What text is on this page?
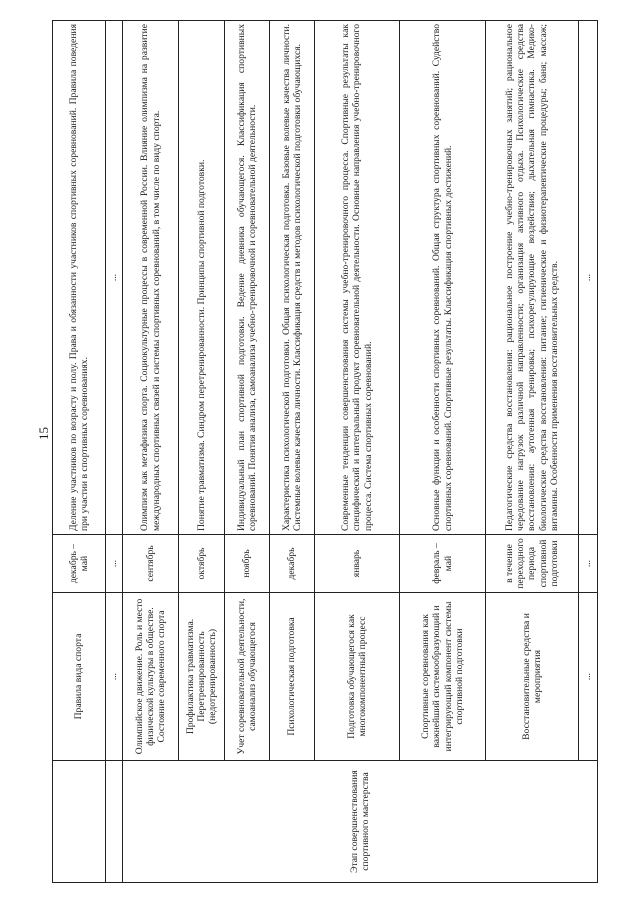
15
	Правила вида спорта	декабрь – май	Деление участников по возрасту и полу. Права и обязанности участников спортивных соревнований. Правила поведения при участии в спортивных соревнованиях.
	...	...	...
Этап совершенствования спортивного мастерства	Олимпийское движение. Роль и место физической культуры в обществе. Состояние современного спорта	сентябрь	Олимпизм как метафизика спорта. Социокультурные процессы в современной России. Влияние олимпизма на развитие международных спортивных связей и системы спортивных соревнований, в том числе по виду спорта.
	Профилактика травматизма. Перетренированность (недотренированность)	октябрь	Понятие травматизма. Синдром перетренированности. Принципы спортивной подготовки.
	Учет соревновательной деятельности, самоанализ обучающегося	ноябрь	Индивидуальный план спортивной подготовки. Ведение дневника обучающегося. Классификация спортивных соревнований. Понятия анализа, самоанализа учебно-тренировочной и соревновательной деятельности.
	Психологическая подготовка	декабрь	Характеристика психологической подготовки. Общая психологическая подготовка. Базовые волевые качества личности. Системные волевые качества личности. Классификация средств и методов психологической подготовки обучающихся.
	Подготовка обучающегося как многокомпонентный процесс	январь	Современные тенденции совершенствования системы учебно-тренировочного процесса. Спортивные результаты как специфический и интегральный продукт соревновательной деятельности. Основные направления учебно-тренировочного процесса. Система спортивных соревнований.
	Спортивные соревнования как важнейший системообразующий и интегрирующий компонент системы спортивной подготовки	февраль – май	Основные функции и особенности спортивных соревнований. Общая структура спортивных соревнований. Судейство спортивных соревнований. Спортивные результаты. Классификация спортивных достижений.
	Восстановительные средства и мероприятия	в течение переходного периода спортивной подготовки	Педагогические средства восстановления: рациональное построение учебно-тренировочных занятий; рациональное чередование нагрузок различной направленности; организация активного отдыха. Психологические средства восстановления: аутогенная тренировка; психорегулирующие воздействия; дыхательная гимнастика. Медико-биологические средства восстановления: питание; гигиенические и физиотерапевтические процедуры; баня; массаж; витамины. Особенности применения восстановительных средств.
	...	...	...
